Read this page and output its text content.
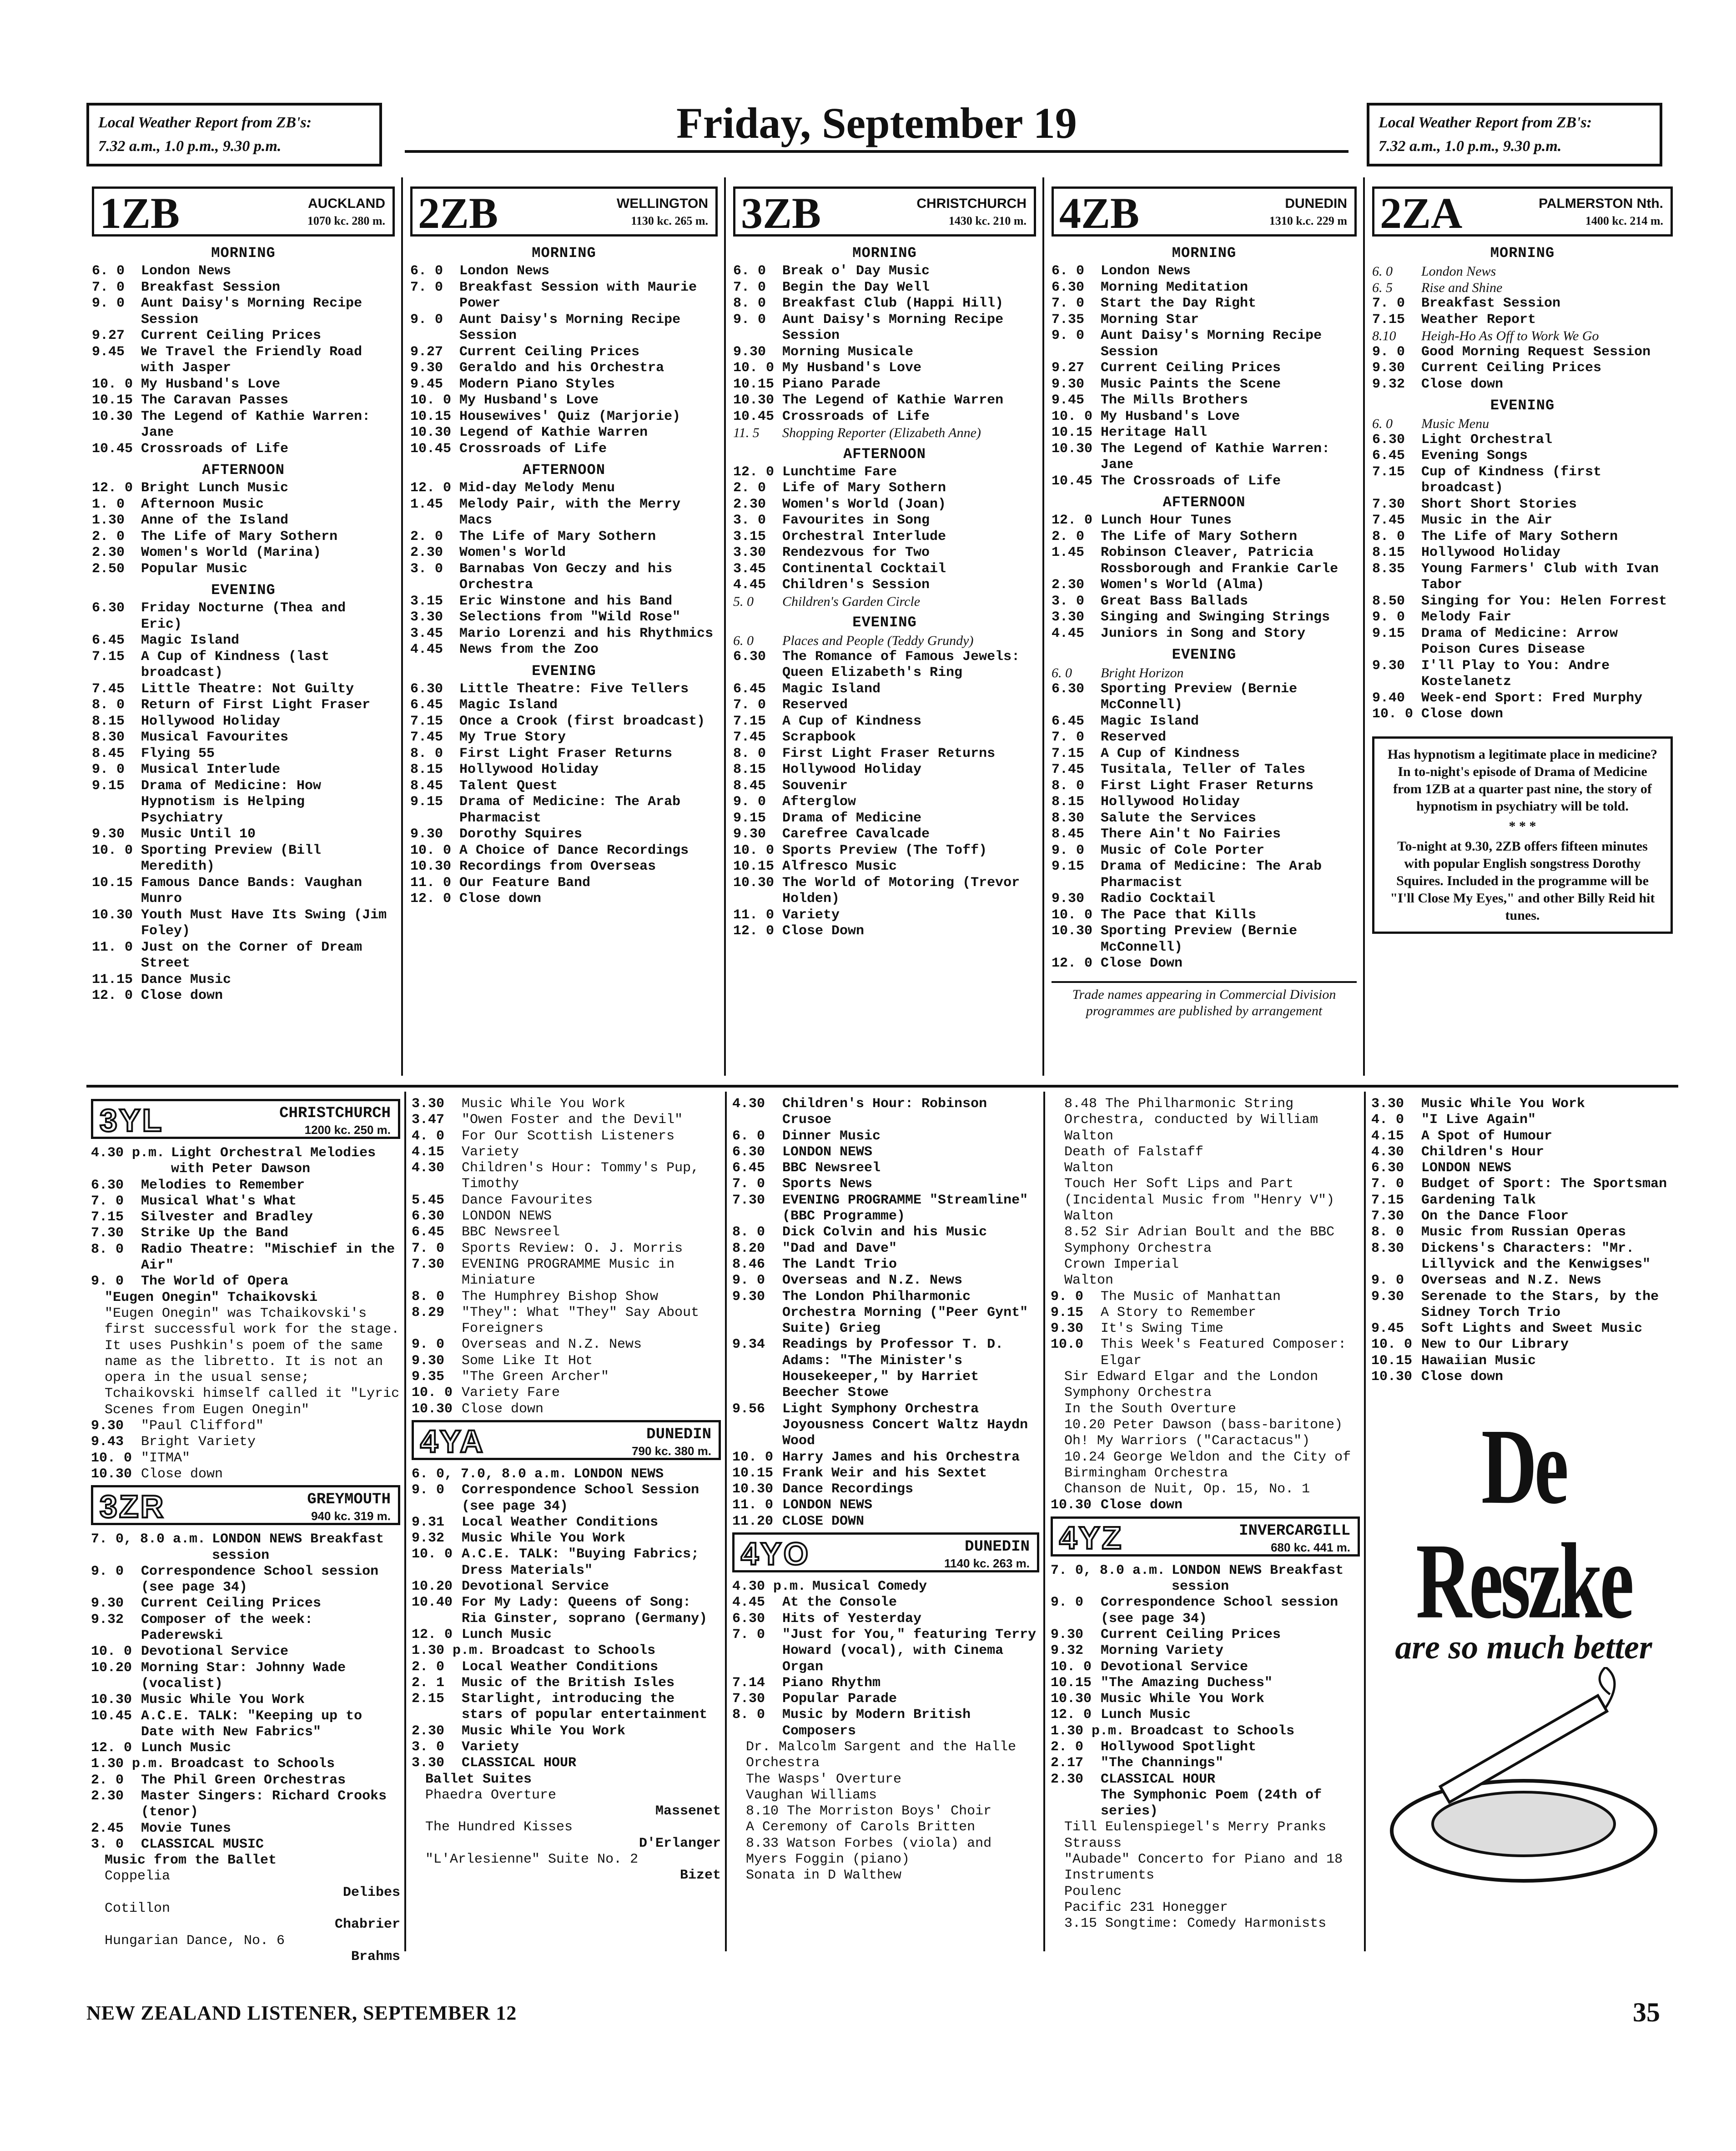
Local Weather Report from ZB's:
7.32 a.m., 1.0 p.m., 9.30 p.m.	Friday, September 19	Local Weather Report from ZB's:
7.32 a.m., 1.0 p.m., 9.30 p.m.
1ZB	AUCKLAND
1070 kc. 280 m.
MORNING
6. 0	London News
7. 0	Breakfast Session
9. 0	Aunt Daisy's Morning Recipe Session
9.27	Current Ceiling Prices
9.45	We Travel the Friendly Road with Jasper
10. 0 My Husband's Love
10.15 The Caravan Passes
10.30 The Legend of Kathie Warren: Jane
10.45 Crossroads of Life
AFTERNOON
12. 0 Bright Lunch Music
1. 0	Afternoon Music
1.30	Anne of the Island
2. 0	The Life of Mary Sothern
2.30	Women's World (Marina)
2.50	Popular Music
EVENING
6.30	Friday Nocturne (Thea and Eric)
6.45	Magic Island
7.15	A Cup of Kindness (last broadcast)
7.45	Little Theatre: Not Guilty
8. 0	Return of First Light Fraser
8.15	Hollywood Holiday
8.30	Musical Favourites
8.45	Flying 55
9. 0	Musical Interlude
9.15	Drama of Medicine: How Hypnotism is Helping Psychiatry
9.30	Music Until 10
10. 0 Sporting Preview (Bill Meredith)
10.15 Famous Dance Bands: Vaughan Munro
10.30 Youth Must Have Its Swing (Jim Foley)
11. 0 Just on the Corner of Dream Street
11.15 Dance Music
12. 0 Close down
2ZB	WELLINGTON
1130 kc. 265 m.
MORNING
6. 0	London News
7. 0	Breakfast Session with Maurie Power
9. 0	Aunt Daisy's Morning Recipe Session
9.27	Current Ceiling Prices
9.30	Geraldo and his Orchestra
9.45	Modern Piano Styles
10. 0 My Husband's Love
10.15 Housewives' Quiz (Marjorie)
10.30 Legend of Kathie Warren
10.45 Crossroads of Life
AFTERNOON
12. 0 Mid-day Melody Menu
1.45	Melody Pair, with the Merry Macs
2. 0	The Life of Mary Sothern
2.30	Women's World
3. 0	Barnabas Von Geczy and his Orchestra
3.15	Eric Winstone and his Band
3.30	Selections from "Wild Rose"
3.45	Mario Lorenzi and his Rhythmics
4.45	News from the Zoo
EVENING
6.30	Little Theatre: Five Tellers
6.45	Magic Island
7.15	Once a Crook (first broadcast)
7.45	My True Story
8. 0	First Light Fraser Returns
8.15	Hollywood Holiday
8.45	Talent Quest
9.15	Drama of Medicine: The Arab Pharmacist
9.30	Dorothy Squires
10. 0 A Choice of Dance Recordings
10.30 Recordings from Overseas
11. 0 Our Feature Band
12. 0 Close down
3ZB	CHRISTCHURCH
1430 kc. 210 m.
MORNING
6. 0	Break o' Day Music
7. 0	Begin the Day Well
8. 0	Breakfast Club (Happi Hill)
9. 0	Aunt Daisy's Morning Recipe Session
9.30	Morning Musicale
10. 0 My Husband's Love
10.15 Piano Parade
10.30 The Legend of Kathie Warren
10.45 Crossroads of Life
11. 5	Shopping Reporter (Elizabeth Anne)
AFTERNOON
12. 0 Lunchtime Fare
2. 0	Life of Mary Sothern
2.30	Women's World (Joan)
3. 0	Favourites in Song
3.15	Orchestral Interlude
3.30	Rendezvous for Two
3.45	Continental Cocktail
4.45	Children's Session
5. 0	Children's Garden Circle
EVENING
6. 0	Places and People (Teddy Grundy)
6.30	The Romance of Famous Jewels: Queen Elizabeth's Ring
6.45	Magic Island
7. 0	Reserved
7.15	A Cup of Kindness
7.45	Scrapbook
8. 0	First Light Fraser Returns
8.15	Hollywood Holiday
8.45	Souvenir
9. 0	Afterglow
9.15	Drama of Medicine
9.30	Carefree Cavalcade
10. 0 Sports Preview (The Toff)
10.15 Alfresco Music
10.30 The World of Motoring (Trevor Holden)
11. 0 Variety
12. 0 Close Down
4ZB	DUNEDIN
1310 k.c. 229 m
MORNING
6. 0	London News
6.30	Morning Meditation
7. 0	Start the Day Right
7.35	Morning Star
9. 0	Aunt Daisy's Morning Recipe Session
9.27	Current Ceiling Prices
9.30	Music Paints the Scene
9.45	The Mills Brothers
10. 0 My Husband's Love
10.15 Heritage Hall
10.30 The Legend of Kathie Warren: Jane
10.45 The Crossroads of Life
AFTERNOON
12. 0 Lunch Hour Tunes
2. 0	The Life of Mary Sothern
1.45	Robinson Cleaver, Patricia Rossborough and Frankie Carle
2.30	Women's World (Alma)
3. 0	Great Bass Ballads
3.30	Singing and Swinging Strings
4.45	Juniors in Song and Story
EVENING
6. 0	Bright Horizon
6.30	Sporting Preview (Bernie McConnell)
6.45	Magic Island
7. 0	Reserved
7.15	A Cup of Kindness
7.45	Tusitala, Teller of Tales
8. 0	First Light Fraser Returns
8.15	Hollywood Holiday
8.30	Salute the Services
8.45	There Ain't No Fairies
9. 0	Music of Cole Porter
9.15	Drama of Medicine: The Arab Pharmacist
9.30	Radio Cocktail
10. 0 The Pace that Kills
10.30 Sporting Preview (Bernie McConnell)
12. 0 Close Down
Trade names appearing in Commercial Division programmes are published by arrangement
2ZA	PALMERSTON Nth.
1400 kc. 214 m.
MORNING
6. 0	London News
6. 5	Rise and Shine
7. 0	Breakfast Session
7.15	Weather Report
8.10	Heigh-Ho As Off to Work We Go
9. 0	Good Morning Request Session
9.30	Current Ceiling Prices
9.32	Close down
EVENING
6. 0	Music Menu
6.30	Light Orchestral
6.45	Evening Songs
7.15	Cup of Kindness (first broadcast)
7.30	Short Short Stories
7.45	Music in the Air
8. 0	The Life of Mary Sothern
8.15	Hollywood Holiday
8.35	Young Farmers' Club with Ivan Tabor
8.50	Singing for You: Helen Forrest
9. 0	Melody Fair
9.15	Drama of Medicine: Arrow Poison Cures Disease
9.30	I'll Play to You: Andre Kostelanetz
9.40	Week-end Sport: Fred Murphy
10. 0 Close down
Has hypnotism a legitimate place in medicine? In to-night's episode of Drama of Medicine from 1ZB at a quarter past nine, the story of hypnotism in psychiatry will be told.
* * *
To-night at 9.30, 2ZB offers fifteen minutes with popular English songstress Dorothy Squires. Included in the programme will be "I'll Close My Eyes," and other Billy Reid hit tunes.
3YL	CHRISTCHURCH
1200 kc. 250 m.
4.30 p.m. Light Orchestral Melodies with Peter Dawson
6.30	Melodies to Remember
7. 0	Musical What's What
7.15	Silvester and Bradley
7.30	Strike Up the Band
8. 0	Radio Theatre: "Mischief in the Air"
9. 0	The World of Opera
"Eugen Onegin" Tchaikovski
"Eugen Onegin" was Tchaikovski's first successful work for the stage. It uses Pushkin's poem of the same name as the libretto. It is not an opera in the usual sense; Tchaikovski himself called it "Lyric Scenes from Eugen Onegin"
9.30	"Paul Clifford"
9.43	Bright Variety
10. 0 "ITMA"
10.30 Close down
3ZR	GREYMOUTH
940 kc. 319 m.
7. 0, 8.0 a.m. LONDON NEWS Breakfast session
9. 0	Correspondence School session (see page 34)
9.30	Current Ceiling Prices
9.32	Composer of the week: Paderewski
10. 0 Devotional Service
10.20 Morning Star: Johnny Wade (vocalist)
10.30 Music While You Work
10.45 A.C.E. TALK: "Keeping up to Date with New Fabrics"
12. 0 Lunch Music
1.30 p.m. Broadcast to Schools
2. 0	The Phil Green Orchestras
2.30	Master Singers: Richard Crooks (tenor)
2.45	Movie Tunes
3. 0	CLASSICAL MUSIC
Music from the Ballet
Coppelia
Delibes
Cotillon
Chabrier
Hungarian Dance, No. 6
Brahms
3.30	Music While You Work
3.47	"Owen Foster and the Devil"
4. 0	For Our Scottish Listeners
4.15	Variety
4.30	Children's Hour: Tommy's Pup, Timothy
5.45	Dance Favourites
6.30	LONDON NEWS
6.45	BBC Newsreel
7. 0	Sports Review: O. J. Morris
7.30	EVENING PROGRAMME Music in Miniature
8. 0	The Humphrey Bishop Show
8.29	"They": What "They" Say About Foreigners
9. 0	Overseas and N.Z. News
9.30	Some Like It Hot
9.35	"The Green Archer"
10. 0 Variety Fare
10.30 Close down
4YA	DUNEDIN
790 kc. 380 m.
6. 0, 7.0, 8.0 a.m. LONDON NEWS
9. 0	Correspondence School Session (see page 34)
9.31	Local Weather Conditions
9.32	Music While You Work
10. 0 A.C.E. TALK: "Buying Fabrics; Dress Materials"
10.20 Devotional Service
10.40 For My Lady: Queens of Song: Ria Ginster, soprano (Germany)
12. 0 Lunch Music
1.30 p.m. Broadcast to Schools
2. 0	Local Weather Conditions
2. 1	Music of the British Isles
2.15	Starlight, introducing the stars of popular entertainment
2.30	Music While You Work
3. 0	Variety
3.30	CLASSICAL HOUR
Ballet Suites
Phaedra Overture
Massenet
The Hundred Kisses
D'Erlanger
"L'Arlesienne" Suite No. 2
Bizet
4.30	Children's Hour: Robinson Crusoe
6. 0	Dinner Music
6.30	LONDON NEWS
6.45	BBC Newsreel
7. 0	Sports News
7.30	EVENING PROGRAMME "Streamline" (BBC Programme)
8. 0	Dick Colvin and his Music
8.20	"Dad and Dave"
8.46	The Landt Trio
9. 0	Overseas and N.Z. News
9.30	The London Philharmonic Orchestra Morning ("Peer Gynt" Suite) Grieg
9.34	Readings by Professor T. D. Adams: "The Minister's Housekeeper," by Harriet Beecher Stowe
9.56	Light Symphony Orchestra Joyousness Concert Waltz Haydn Wood
10. 0 Harry James and his Orchestra
10.15 Frank Weir and his Sextet
10.30 Dance Recordings
11. 0 LONDON NEWS
11.20 CLOSE DOWN
4YO	DUNEDIN
1140 kc. 263 m.
4.30 p.m. Musical Comedy
4.45	At the Console
6.30	Hits of Yesterday
7. 0	"Just for You," featuring Terry Howard (vocal), with Cinema Organ
7.14	Piano Rhythm
7.30	Popular Parade
8. 0	Music by Modern British Composers
Dr. Malcolm Sargent and the Halle Orchestra
The Wasps' Overture
Vaughan Williams
8.10 The Morriston Boys' Choir
A Ceremony of Carols Britten
8.33 Watson Forbes (viola) and Myers Foggin (piano)
Sonata in D Walthew
8.48 The Philharmonic String Orchestra, conducted by William Walton
Death of Falstaff
Walton
Touch Her Soft Lips and Part (Incidental Music from "Henry V")
Walton
8.52 Sir Adrian Boult and the BBC Symphony Orchestra
Crown Imperial
Walton
9. 0	The Music of Manhattan
9.15	A Story to Remember
9.30	It's Swing Time
10.0	This Week's Featured Composer: Elgar
Sir Edward Elgar and the London Symphony Orchestra
In the South Overture
10.20 Peter Dawson (bass-baritone)
Oh! My Warriors ("Caractacus")
10.24 George Weldon and the City of Birmingham Orchestra
Chanson de Nuit, Op. 15, No. 1
10.30 Close down
4YZ	INVERCARGILL
680 kc. 441 m.
7. 0, 8.0 a.m. LONDON NEWS Breakfast session
9. 0	Correspondence School session (see page 34)
9.30	Current Ceiling Prices
9.32	Morning Variety
10. 0 Devotional Service
10.15 "The Amazing Duchess"
10.30 Music While You Work
12. 0 Lunch Music
1.30 p.m. Broadcast to Schools
2. 0	Hollywood Spotlight
2.17	"The Channings"
2.30	CLASSICAL HOUR
The Symphonic Poem (24th of series)
Till Eulenspiegel's Merry Pranks Strauss
"Aubade" Concerto for Piano and 18 Instruments
Poulenc
Pacific 231 Honegger
3.15 Songtime: Comedy Harmonists
3.30	Music While You Work
4. 0	"I Live Again"
4.15	A Spot of Humour
4.30	Children's Hour
6.30	LONDON NEWS
7. 0	Budget of Sport: The Sportsman
7.15	Gardening Talk
7.30	On the Dance Floor
8. 0	Music from Russian Operas
8.30	Dickens's Characters: "Mr. Lillyvick and the Kenwigses"
9. 0	Overseas and N.Z. News
9.30	Serenade to the Stars, by the Sidney Torch Trio
9.45	Soft Lights and Sweet Music
10. 0 New to Our Library
10.15 Hawaiian Music
10.30 Close down
De Reszke
are so much better
NEW ZEALAND LISTENER, SEPTEMBER 12	35
